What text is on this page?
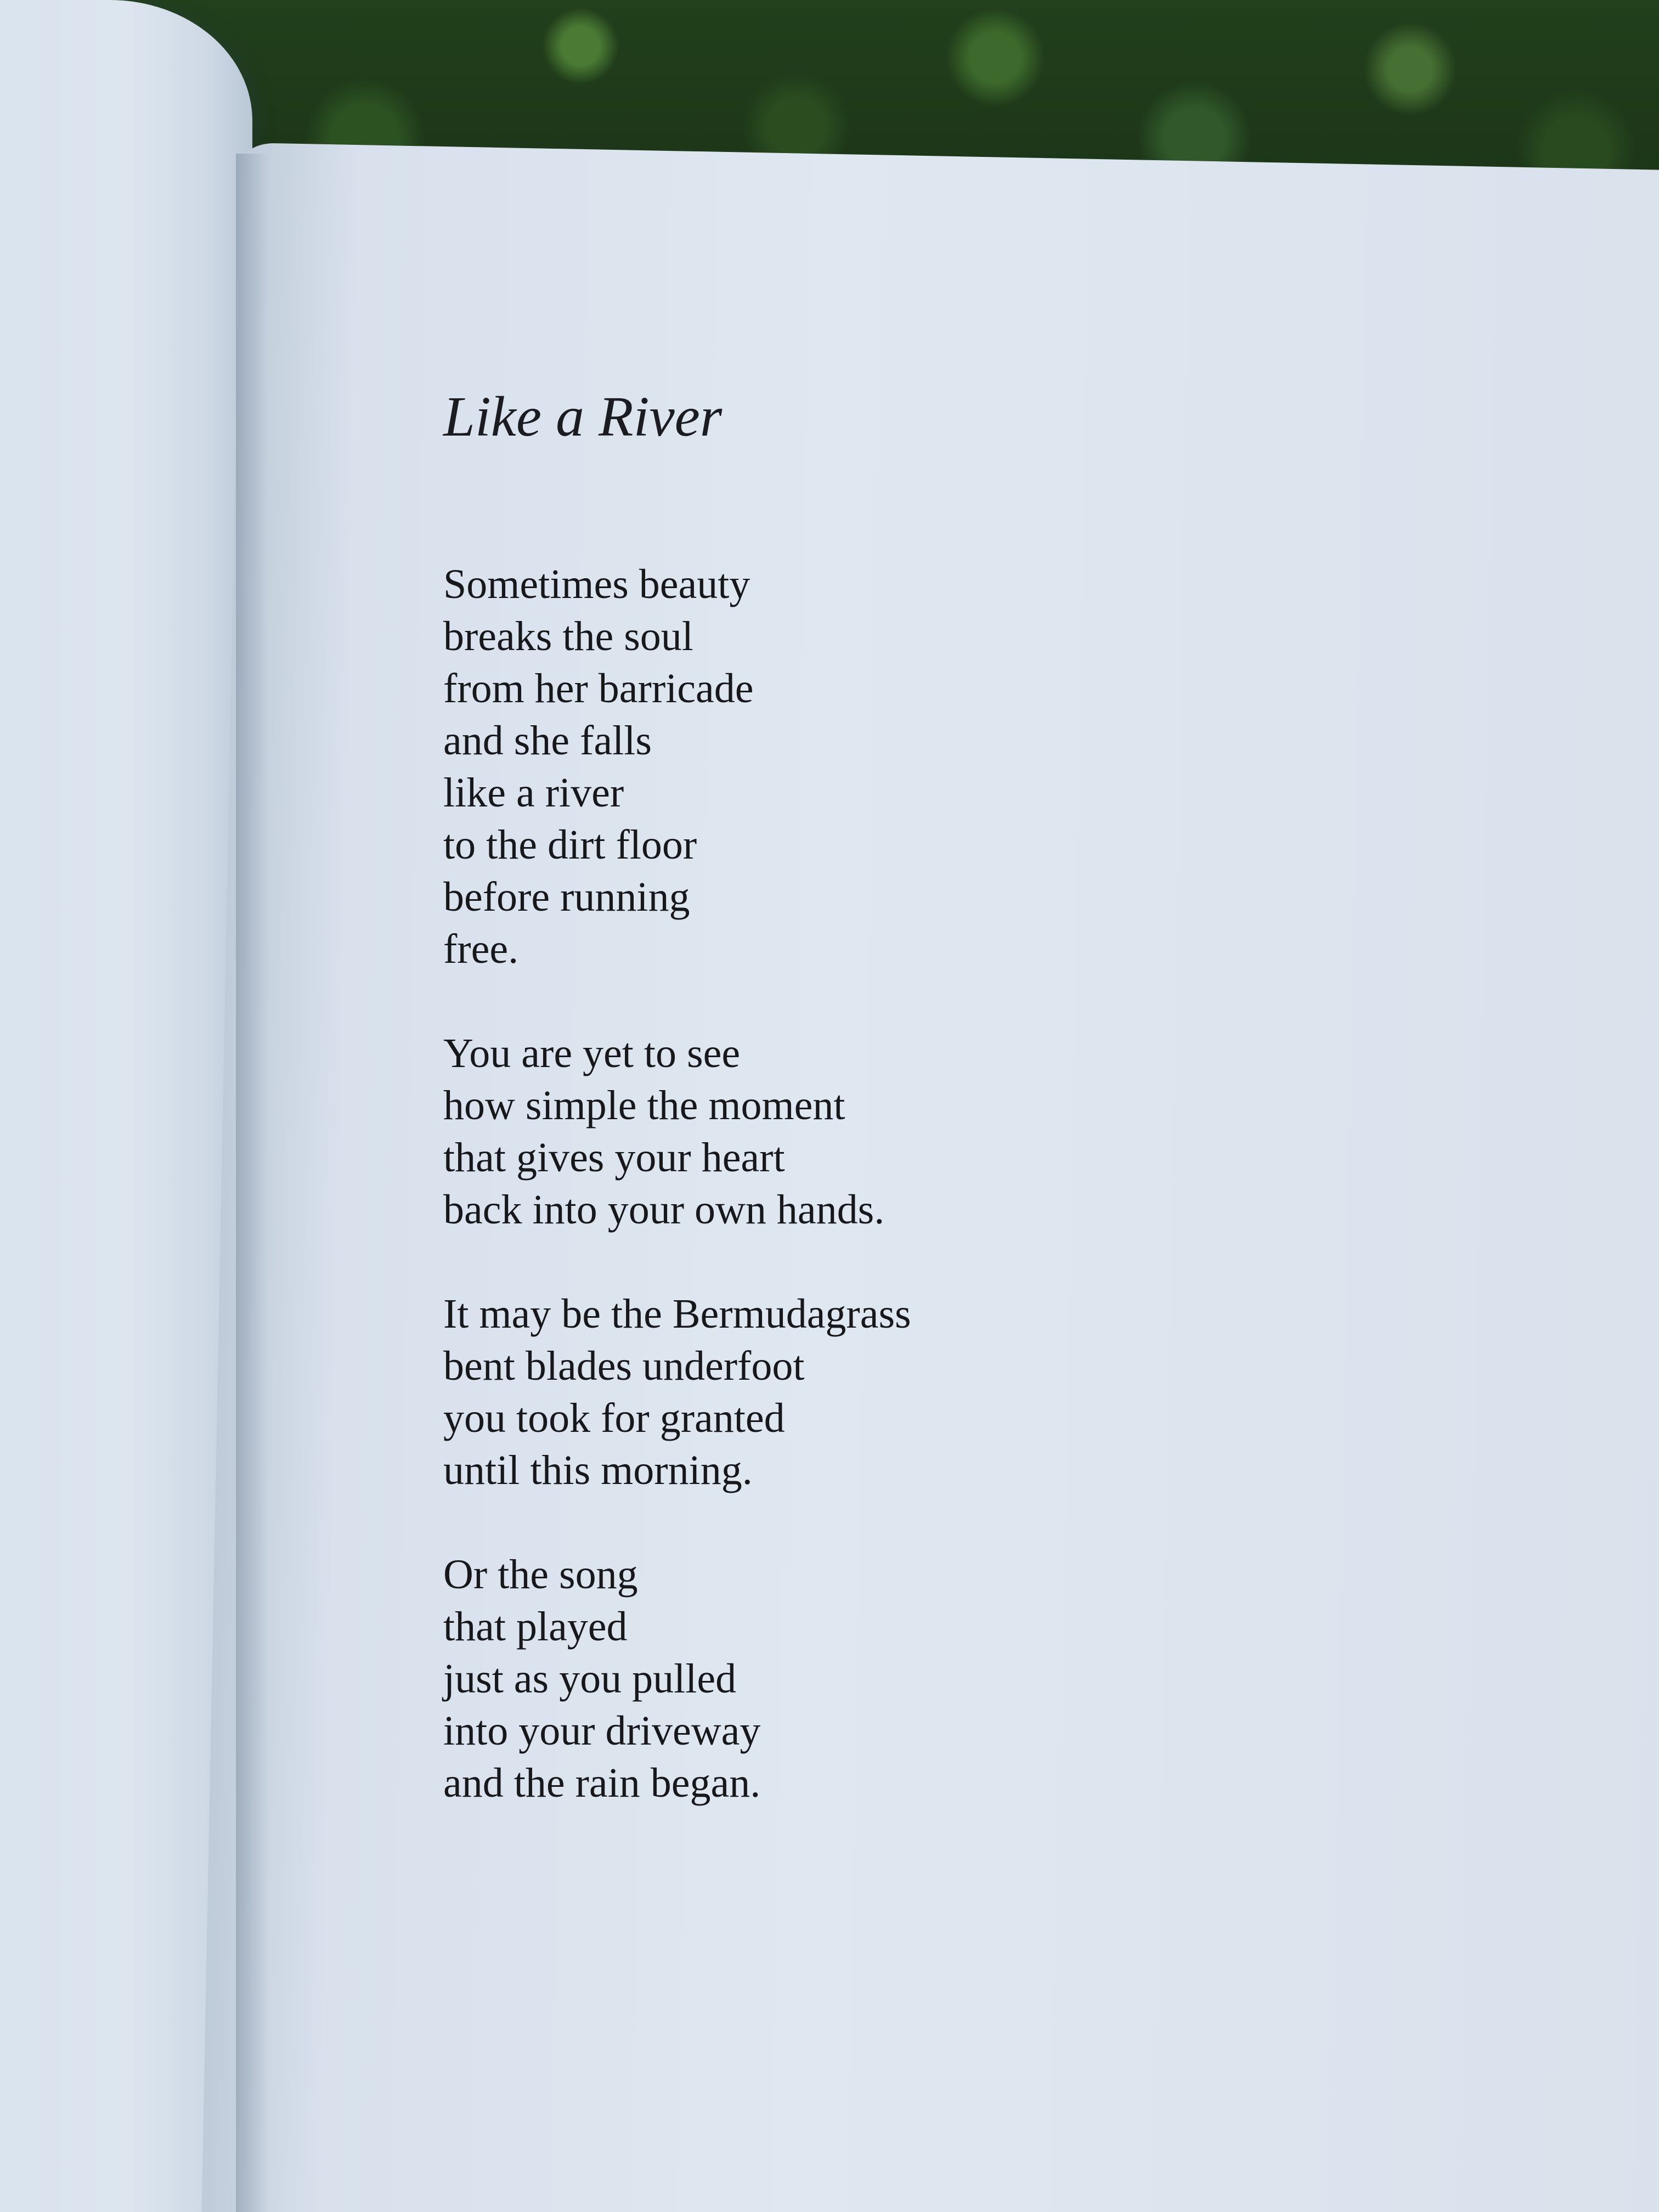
Like a River
Sometimes beauty
breaks the soul
from her barricade
and she falls
like a river
to the dirt floor
before running
free.
You are yet to see
how simple the moment
that gives your heart
back into your own hands.
It may be the Bermudagrass
bent blades underfoot
you took for granted
until this morning.
Or the song
that played
just as you pulled
into your driveway
and the rain began.
